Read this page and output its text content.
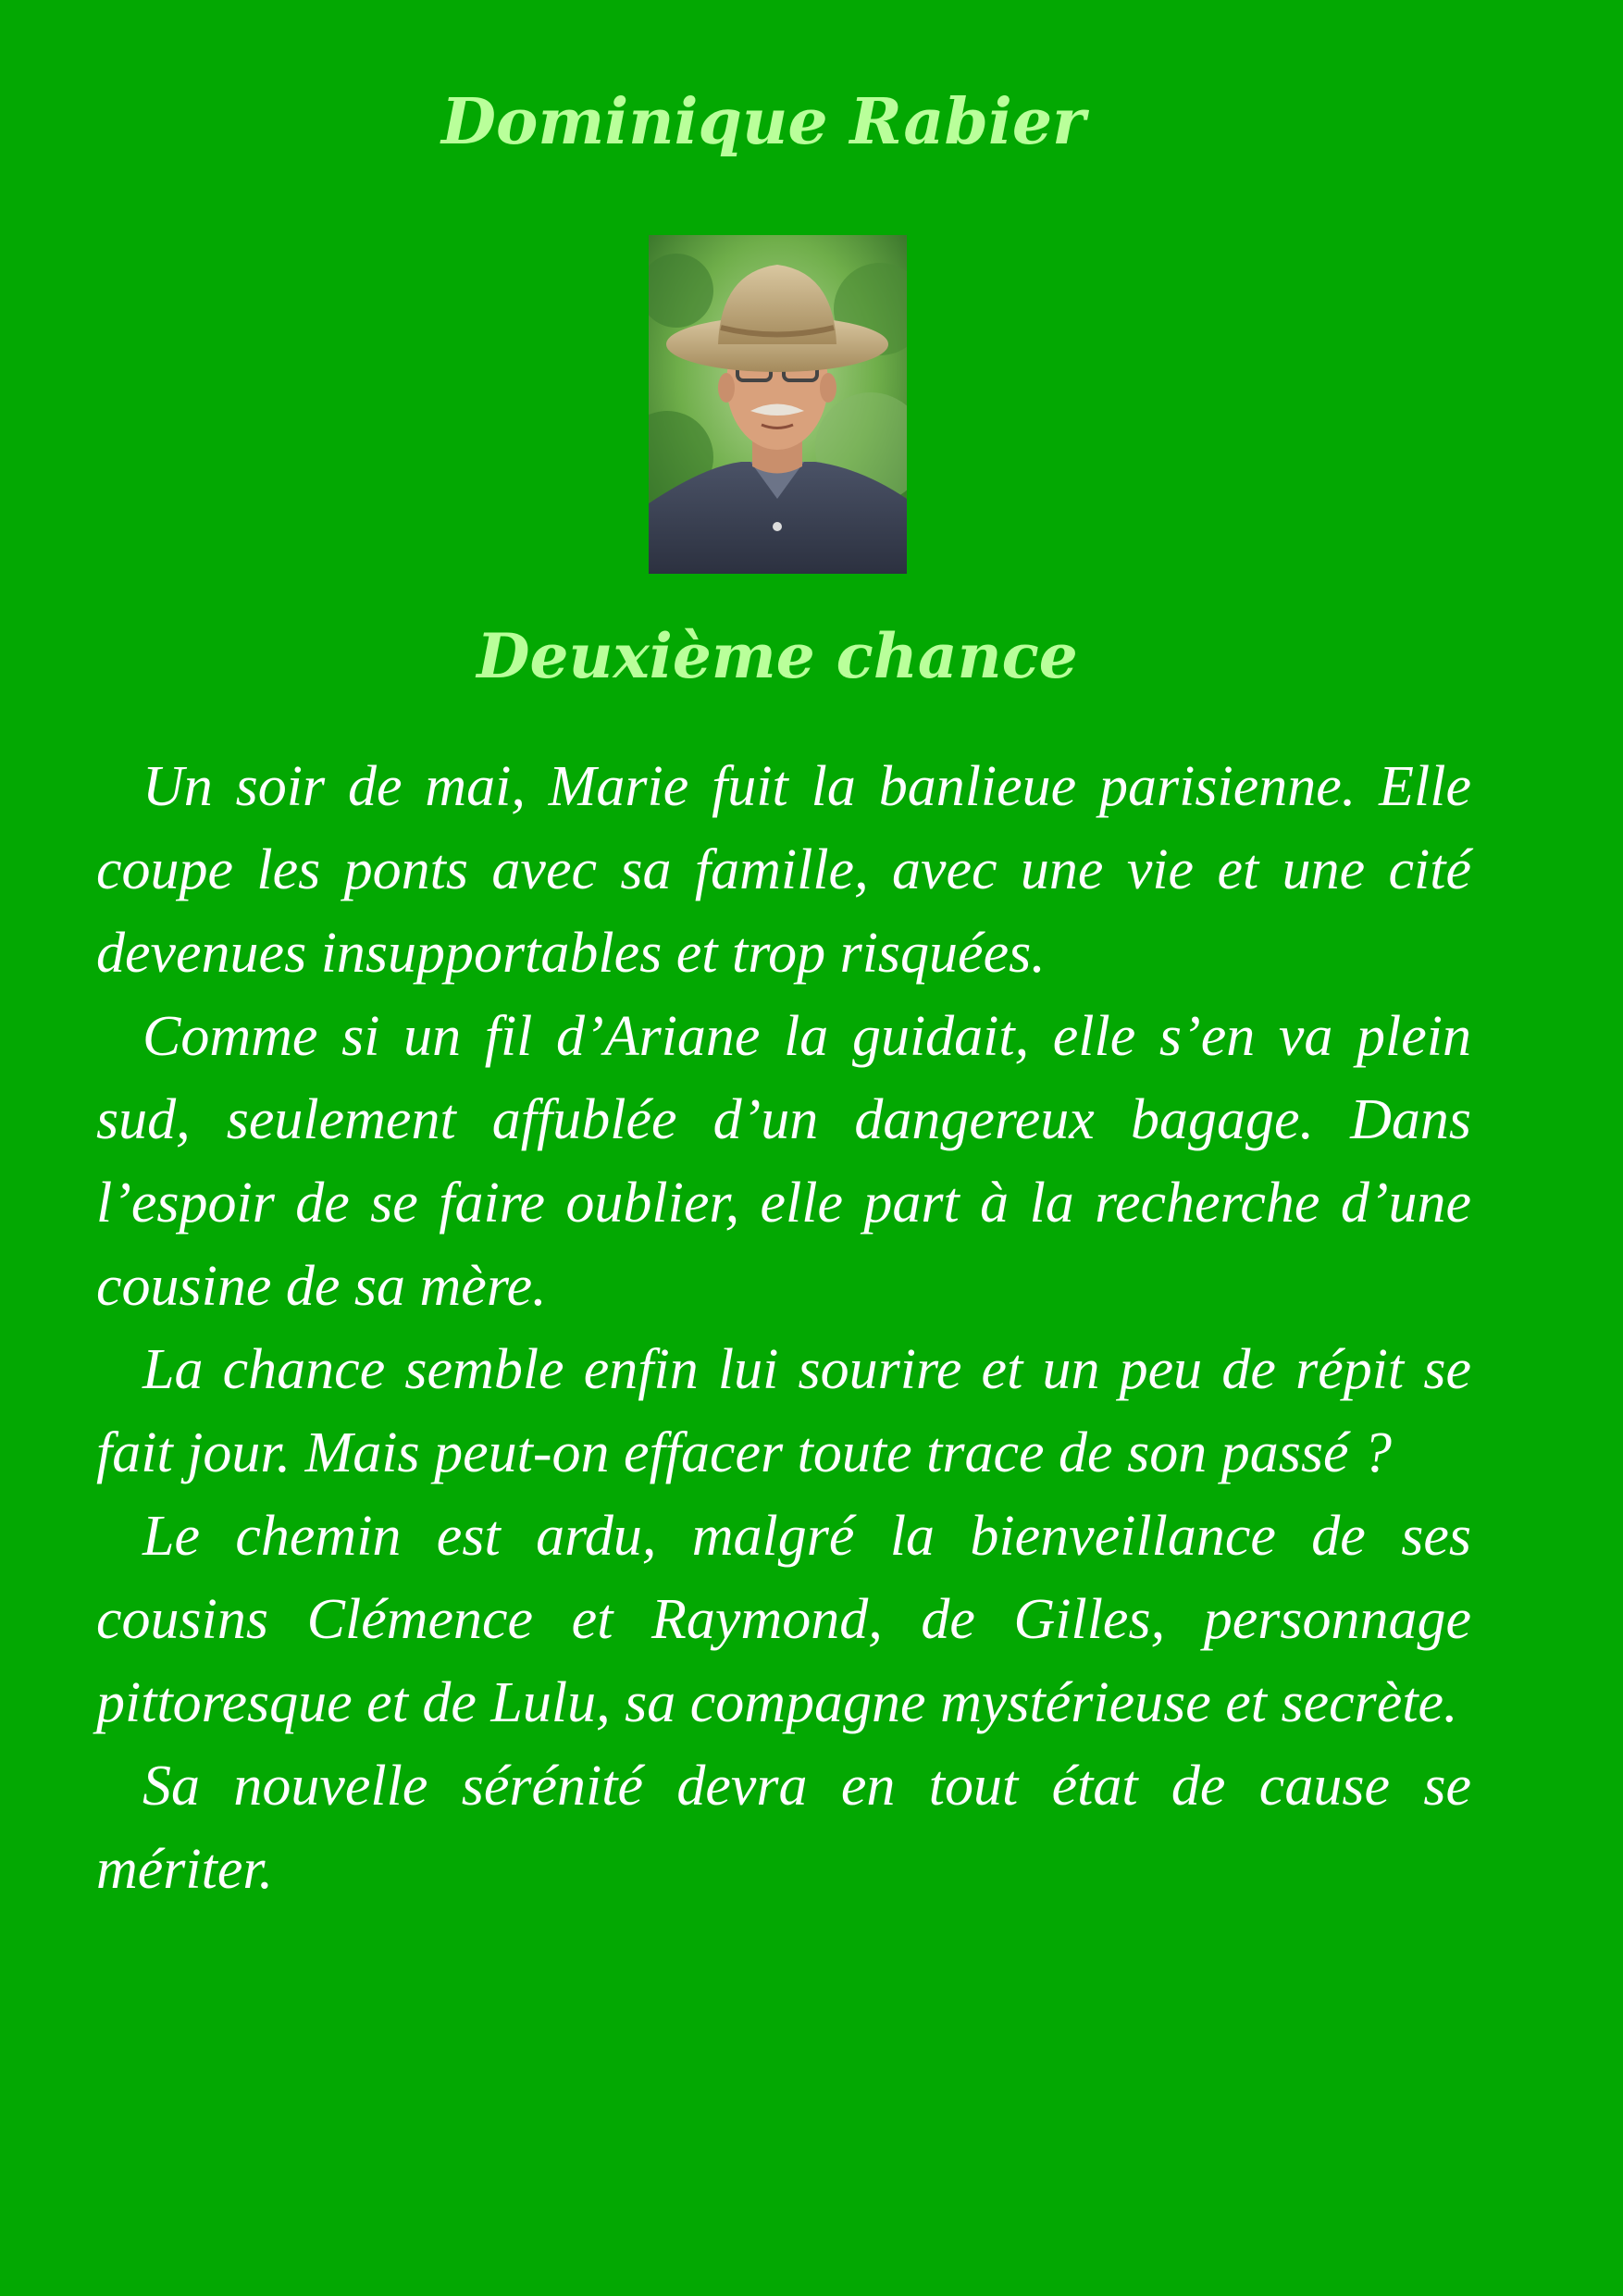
Dominique Rabier
Deuxième chance

Un soir de mai, Marie fuit la banlieue parisienne. Elle coupe les ponts avec sa famille, avec une vie et une cité devenues insupportables et trop risquées.

Comme si un fil d’Ariane la guidait, elle s’en va plein sud, seulement affublée d’un dangereux bagage. Dans l’espoir de se faire oublier, elle part à la recherche d’une cousine de sa mère.

La chance semble enfin lui sourire et un peu de répit se fait jour. Mais peut-on effacer toute trace de son passé ?

Le chemin est ardu, malgré la bienveillance de ses cousins Clémence et Raymond, de Gilles, personnage pittoresque et de Lulu, sa compagne mystérieuse et secrète.

Sa nouvelle sérénité devra en tout état de cause se mériter.
